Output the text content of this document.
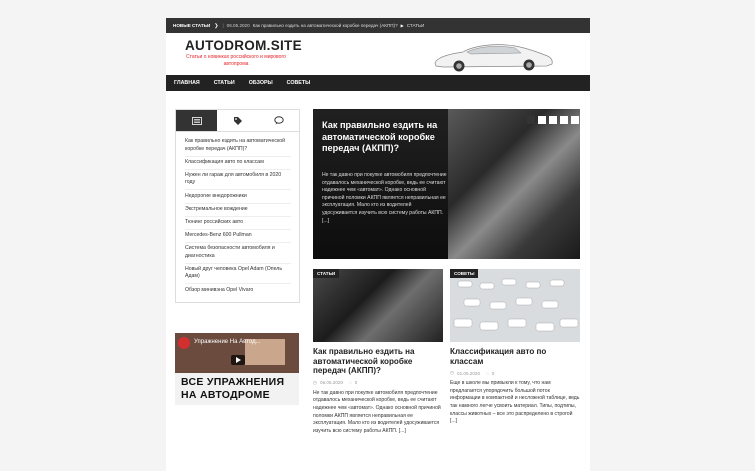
НОВЫЕ СТАТЬИ ❯ | 06.05.2020 Как правильно ездить на автоматической коробке передач (АКПП)? ▶ СТАТЬИ
AUTODROM.SITE
Статьи о новинках российского и мирового автопрома
ГЛАВНАЯ	СТАТЬИ	ОБЗОРЫ	СОВЕТЫ
Как правильно ездить на автоматической коробке передач (АКПП)?
Классификация авто по классам
Нужен ли гараж для автомобиля в 2020 году
Недорогие внедорожники
Экстремальное вождение
Тюнинг российских авто
Mercedes-Benz 600 Pullman
Система безопасности автомобиля и диагностика
Новый друг человека Opel Adam (Опель Адам)
Обзор минивэна Opel Vivaro
Упражнение На Автод...
ВСЕ УПРАЖНЕНИЯ
НА АВТОДРОМЕ
Как правильно ездить на автоматической коробке передач (АКПП)?
Не так давно при покупке автомобиля предпочтение отдавалось механической коробке, ведь ее считают надежнее чем «автомат». Однако основной причиной поломки АКПП является неправильная ее эксплуатация. Мало кто из водителей удосуживается изучить всю систему работы АКПП. [...]
СТАТЬИ
Как правильно ездить на автоматической коробке передач (АКПП)?
◷ 06.05.2020 ◌ 0
Не так давно при покупке автомобиля предпочтение отдавалось механической коробке, ведь ее считают надежнее чем «автомат». Однако основной причиной поломки АКПП является неправильная ее эксплуатация. Мало кто из водителей удосуживается изучить всю систему работы АКПП. [...]
СОВЕТЫ
Классификация авто по классам
◷ 01.05.2020 ◌ 0
Еще в школе мы привыкли к тому, что нам предлагается упорядочить большой поток информации в компактной и несложной таблице, ведь так намного легче усвоить материал. Типы, подтипы, классы животных – все это распределено в строгой [...]
